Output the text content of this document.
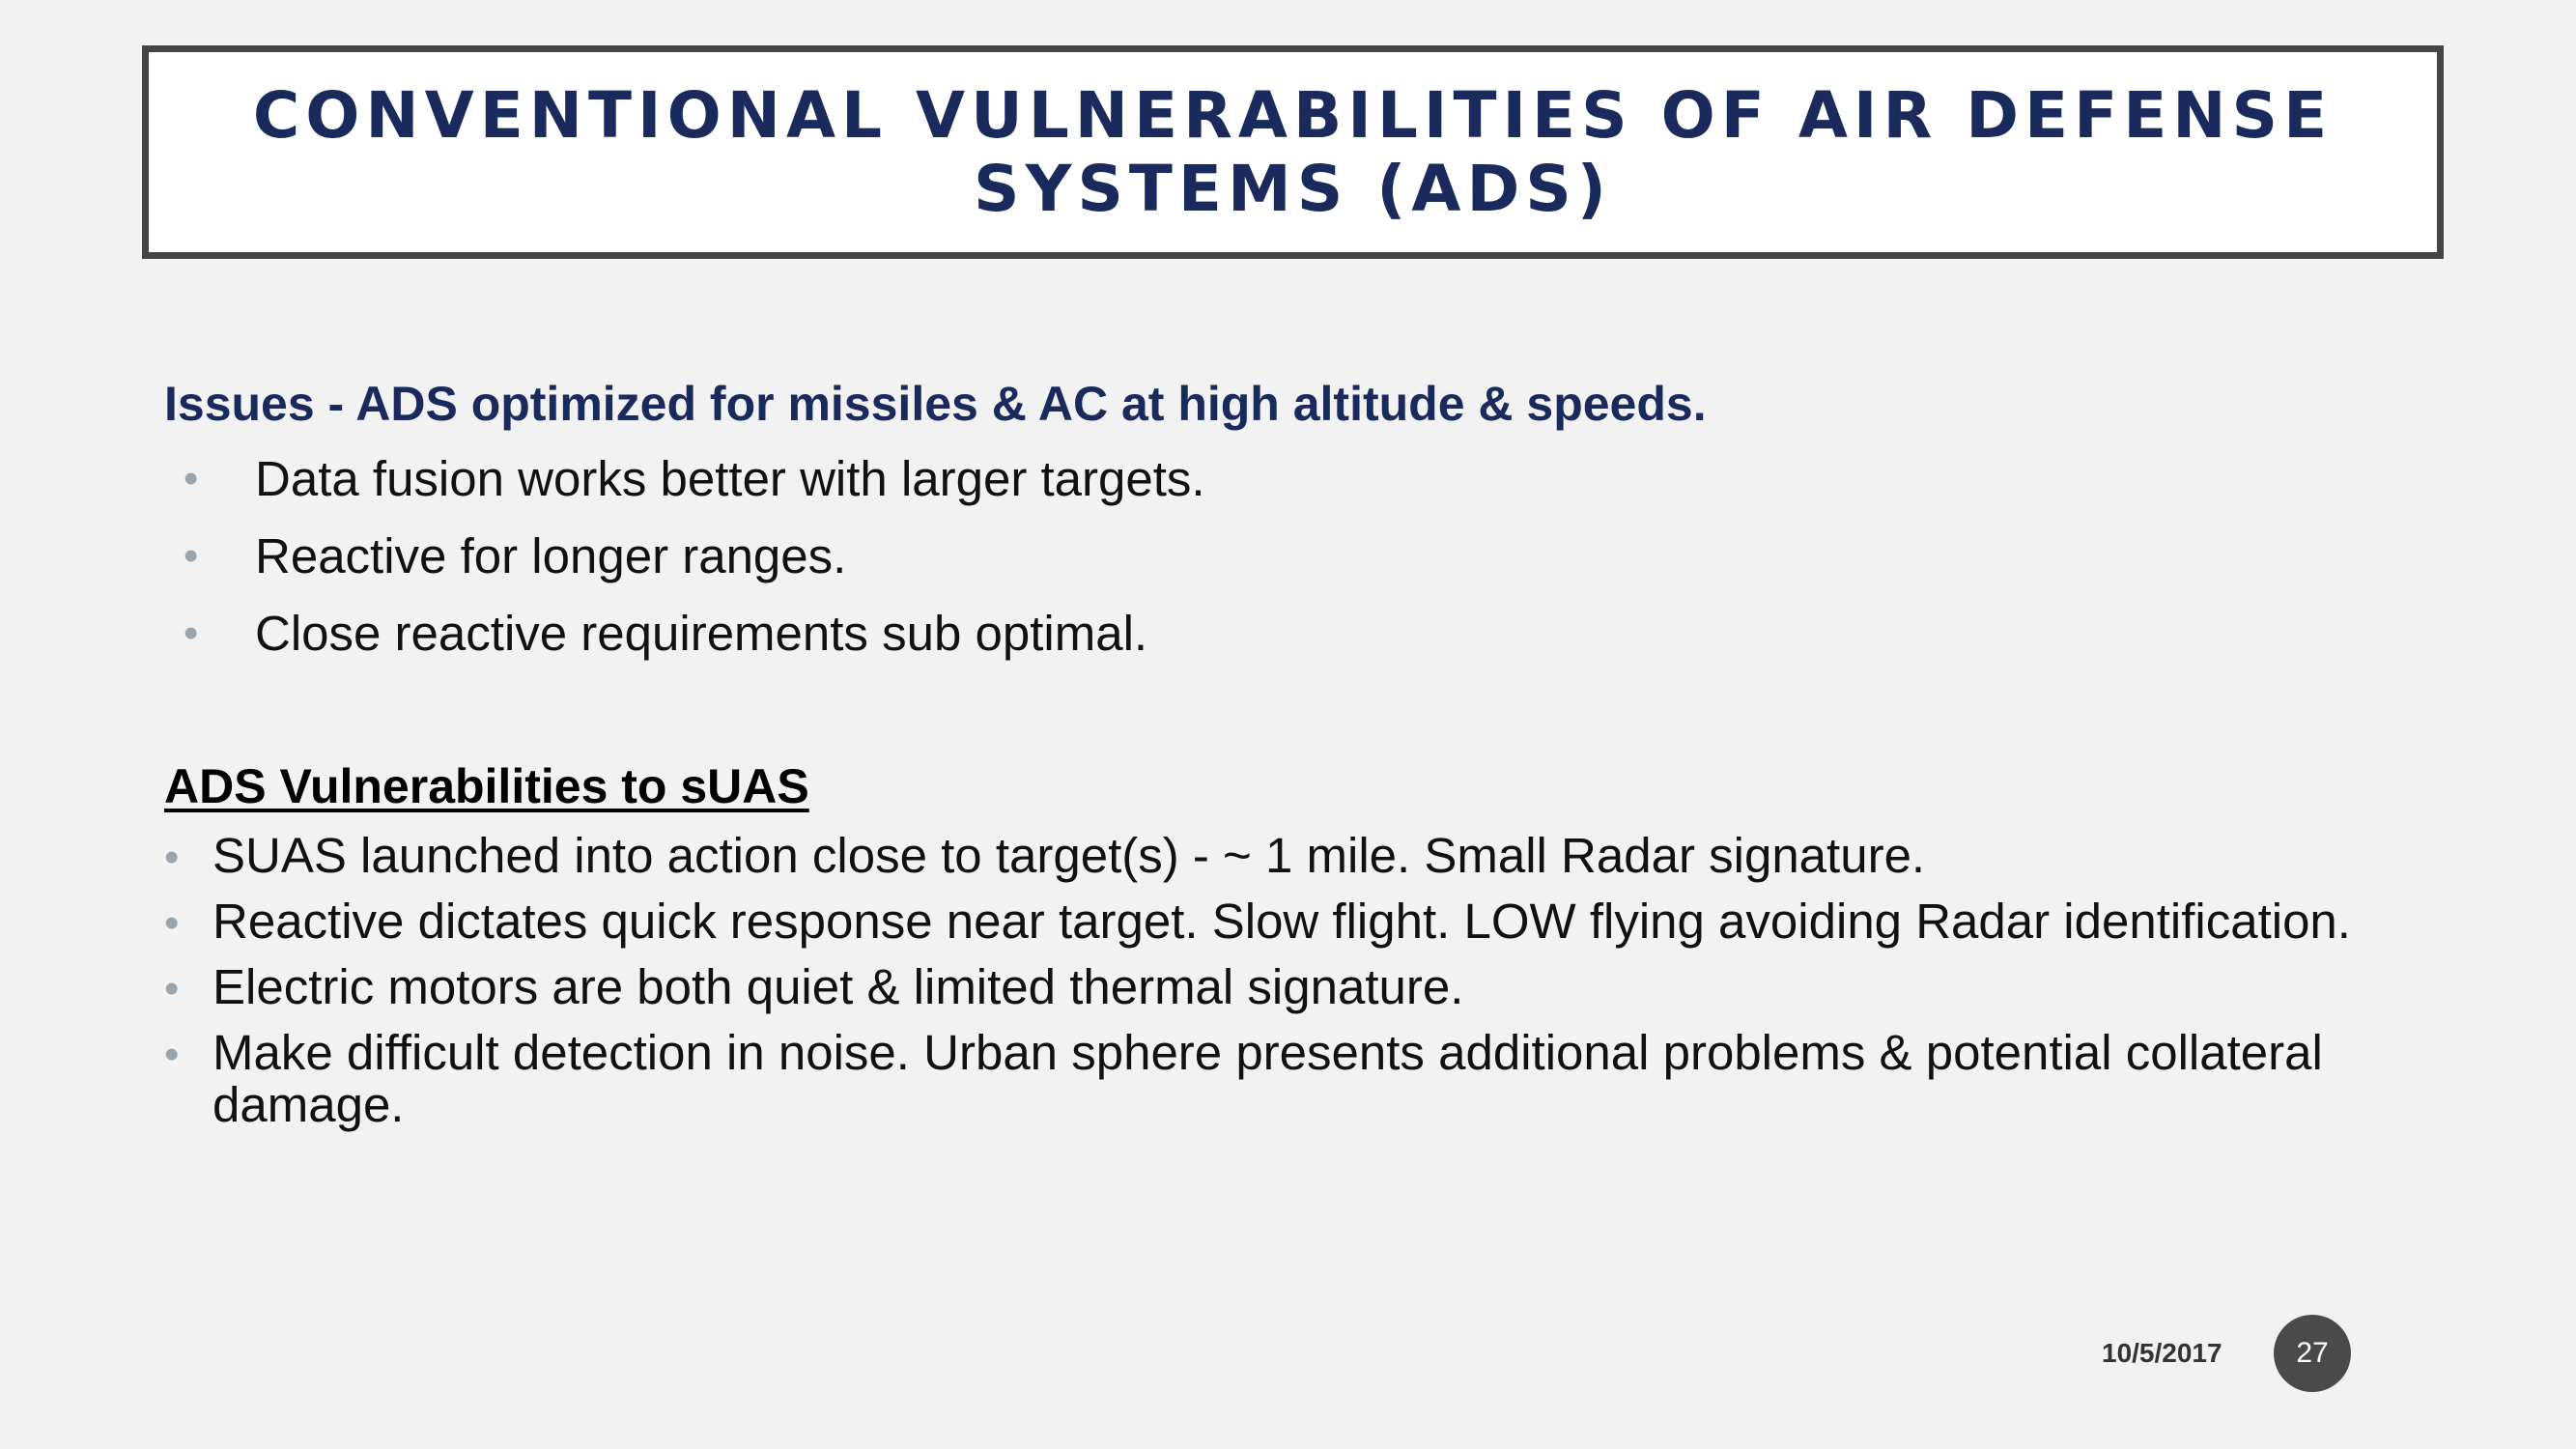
CONVENTIONAL VULNERABILITIES OF AIR DEFENSE
SYSTEMS (ADS)

Issues - ADS optimized for missiles & AC at high altitude & speeds.

• Data fusion works better with larger targets.
• Reactive for longer ranges.
• Close reactive requirements sub optimal.

ADS Vulnerabilities to sUAS

• SUAS launched into action close to target(s) - ~ 1 mile. Small Radar signature.
• Reactive dictates quick response near target. Slow flight. LOW flying avoiding Radar identification.
• Electric motors are both quiet & limited thermal signature.
• Make difficult detection in noise. Urban sphere presents additional problems & potential collateral damage.
10/5/2017	27
